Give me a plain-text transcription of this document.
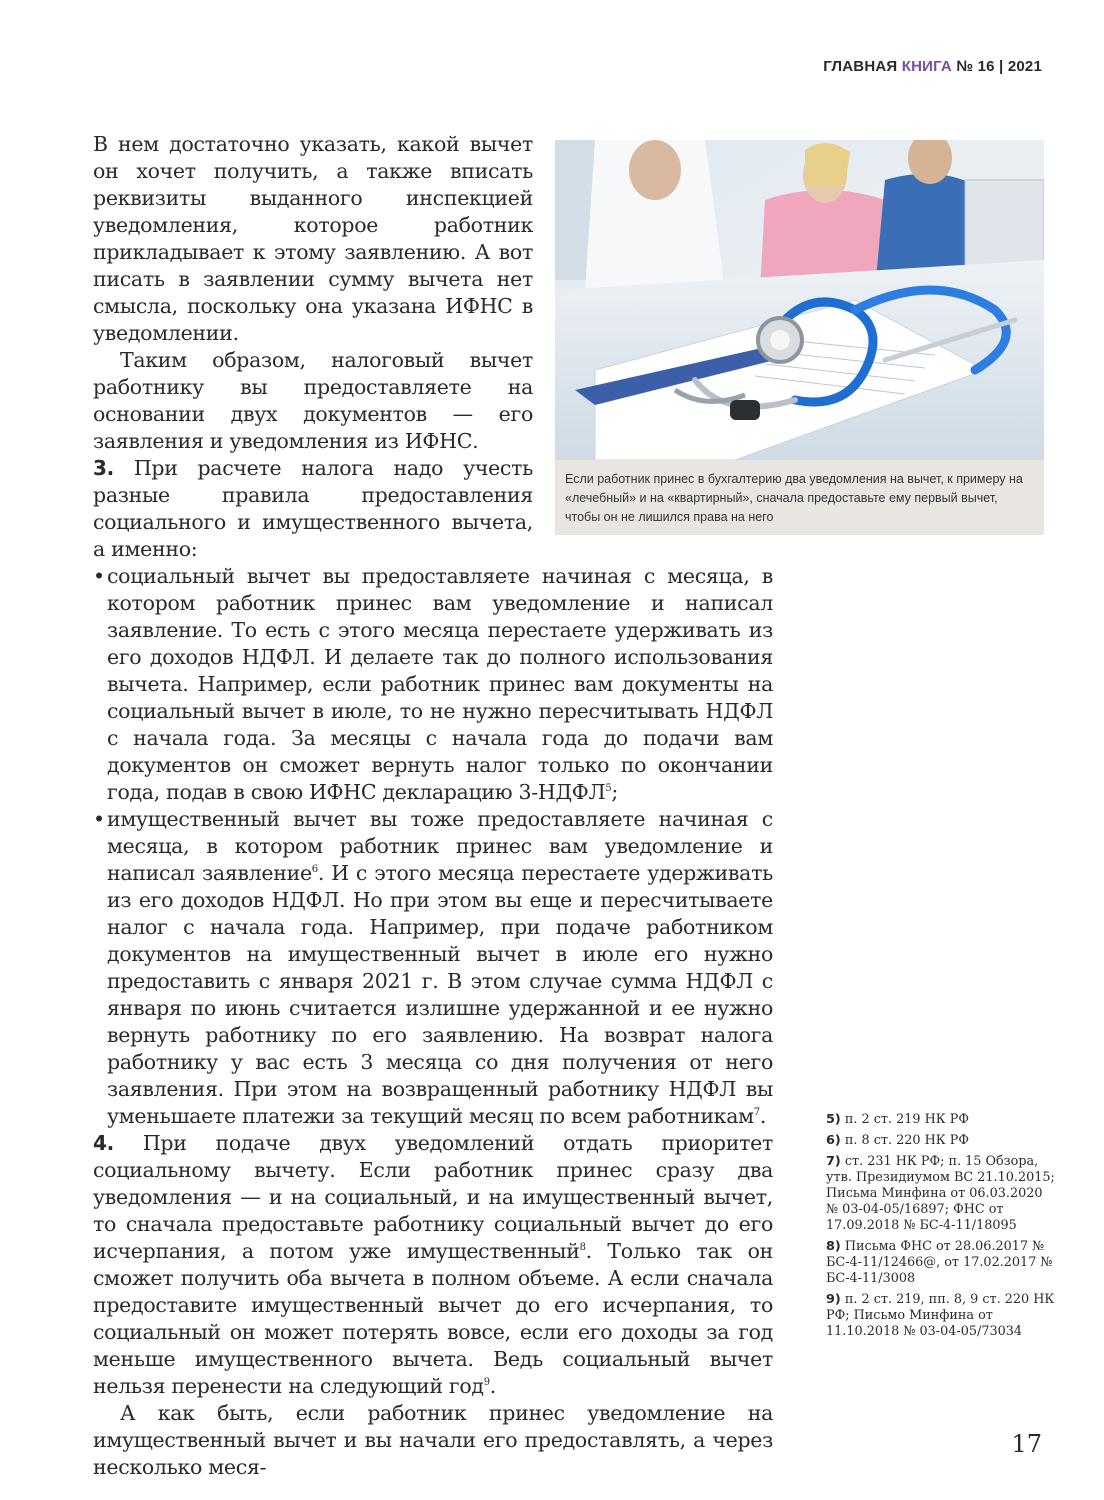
ГЛАВНАЯ КНИГА № 16 | 2021

В нем достаточно указать, какой вычет он хочет получить, а также вписать реквизиты выданного инспекцией уведомления, которое работник прикладывает к этому заявлению. А вот писать в заявлении сумму вычета нет смысла, поскольку она указана ИФНС в уведомлении.

Таким образом, налоговый вычет работнику вы предоставляете на основании двух документов — его заявления и уведомления из ИФНС.

3. При расчете налога надо учесть разные правила предоставления социального и имущественного вычета, а именно:

• социальный вычет вы предоставляете начиная с месяца, в котором работник принес вам уведомление и написал заявление. То есть с этого месяца перестаете удерживать из его доходов НДФЛ. И делаете так до полного использования вычета. Например, если работник принес вам документы на социальный вычет в июле, то не нужно пересчитывать НДФЛ с начала года. За месяцы с начала года до подачи вам документов он сможет вернуть налог только по окончании года, подав в свою ИФНС декларацию 3-НДФЛ$^5$;
• имущественный вычет вы тоже предоставляете начиная с месяца, в котором работник принес вам уведомление и написал заявление$^6$. И с этого месяца перестаете удерживать из его доходов НДФЛ. Но при этом вы еще и пересчитываете налог с начала года. Например, при подаче работником документов на имущественный вычет в июле его нужно предоставить с января 2021 г. В этом случае сумма НДФЛ с января по июнь считается излишне удержанной и ее нужно вернуть работнику по его заявлению. На возврат налога работнику у вас есть 3 месяца со дня получения от него заявления. При этом на возвращенный работнику НДФЛ вы уменьшаете платежи за текущий месяц по всем работникам$^7$.

4. При подаче двух уведомлений отдать приоритет социальному вычету. Если работник принес сразу два уведомления — и на социальный, и на имущественный вычет, то сначала предоставьте работнику социальный вычет до его исчерпания, а потом уже имущественный$^8$. Только так он сможет получить оба вычета в полном объеме. А если сначала предоставите имущественный вычет до его исчерпания, то социальный он может потерять вовсе, если его доходы за год меньше имущественного вычета. Ведь социальный вычет нельзя перенести на следующий год$^9$.

А как быть, если работник принес уведомление на имущественный вычет и вы начали его предоставлять, а через несколько меся-

Если работник принес в бухгалтерию два уведомления на вычет, к примеру на «лечебный» и на «квартирный», сначала предоставьте ему первый вычет, чтобы он не лишился права на него
5) п. 2 ст. 219 НК РФ
6) п. 8 ст. 220 НК РФ
7) ст. 231 НК РФ; п. 15 Обзора, утв. Президиумом ВС 21.10.2015; Письма Минфина от 06.03.2020 № 03-04-05/16897; ФНС от 17.09.2018 № БС-4-11/18095
8) Письма ФНС от 28.06.2017 № БС-4-11/12466@, от 17.02.2017 № БС-4-11/3008
9) п. 2 ст. 219, пп. 8, 9 ст. 220 НК РФ; Письмо Минфина от 11.10.2018 № 03-04-05/73034
17
